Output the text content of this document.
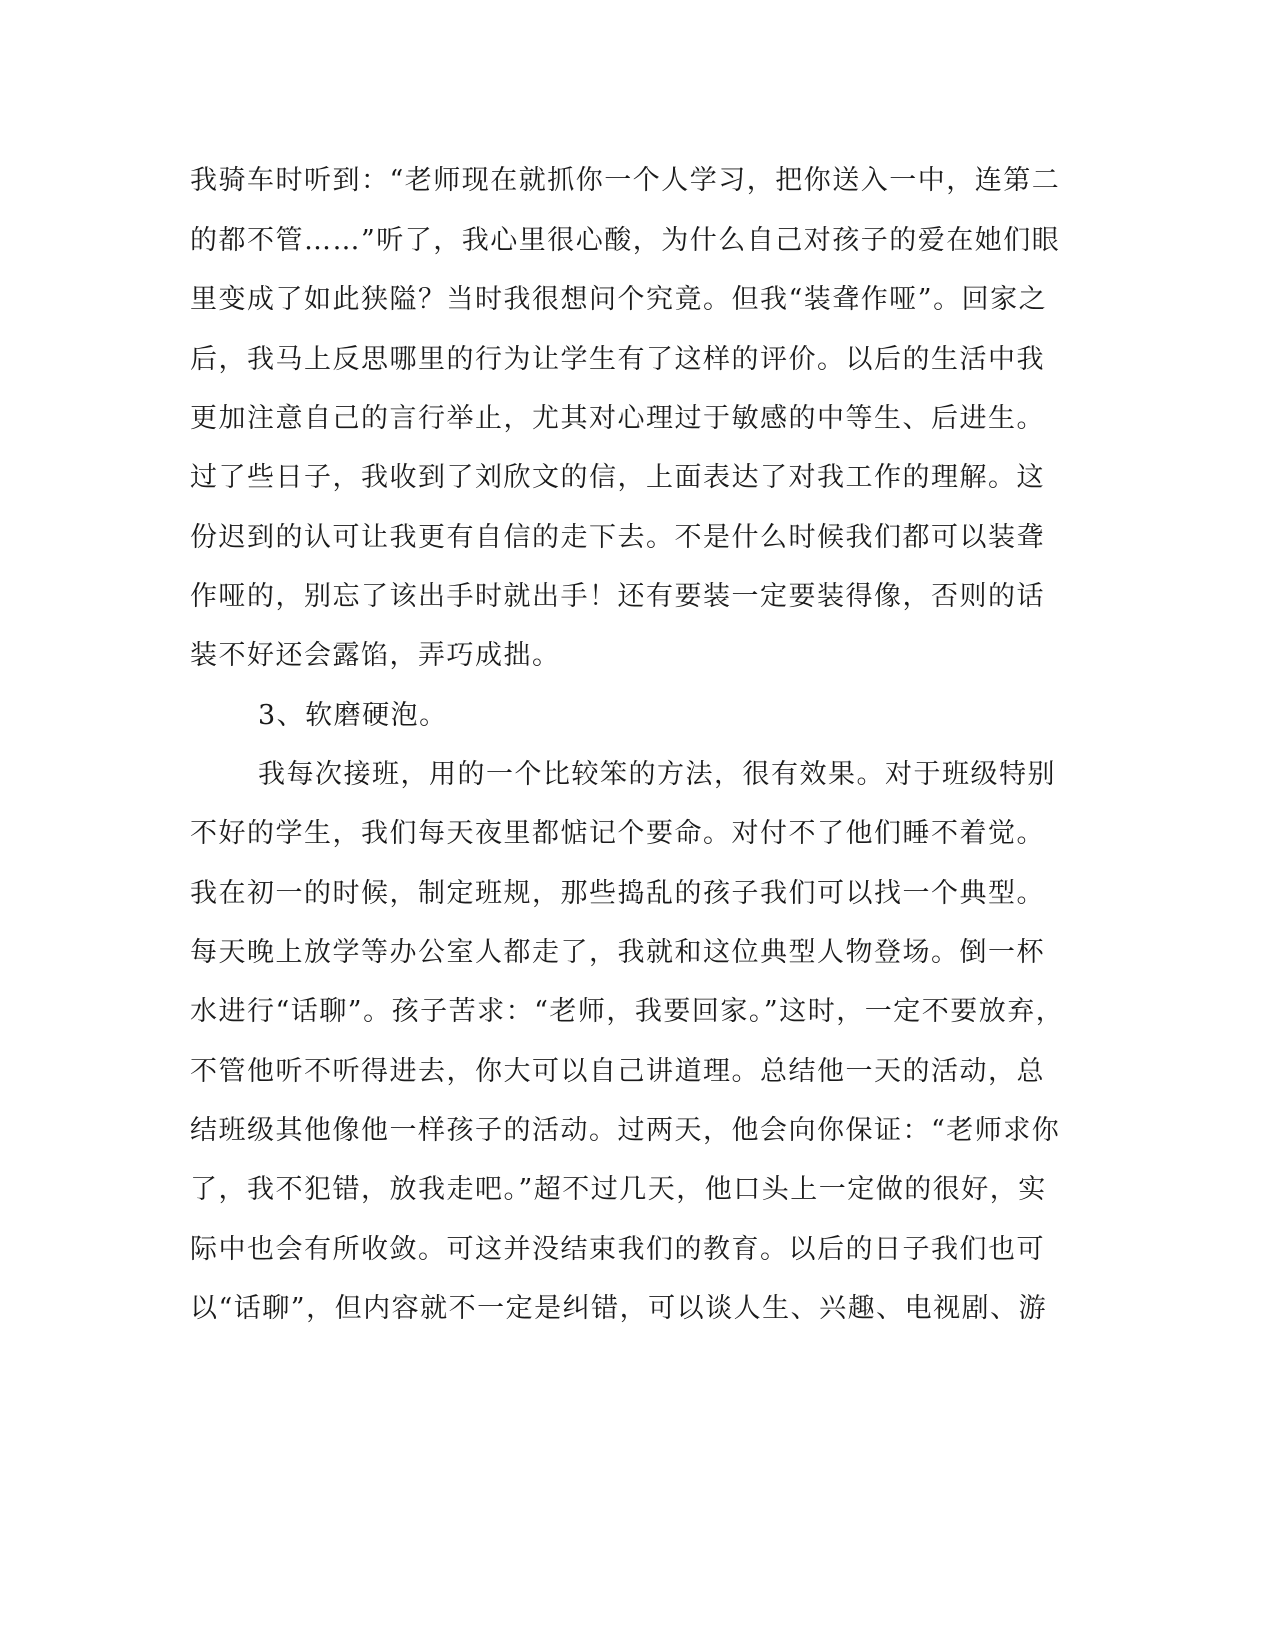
我骑车时听到：“老师现在就抓你一个人学习，把你送入一中，连第二
的都不管……”听了，我心里很心酸，为什么自己对孩子的爱在她们眼
里变成了如此狭隘？当时我很想问个究竟。但我“装聋作哑”。回家之
后，我马上反思哪里的行为让学生有了这样的评价。以后的生活中我
更加注意自己的言行举止，尤其对心理过于敏感的中等生、后进生。
过了些日子，我收到了刘欣文的信，上面表达了对我工作的理解。这
份迟到的认可让我更有自信的走下去。不是什么时候我们都可以装聋
作哑的，别忘了该出手时就出手！还有要装一定要装得像，否则的话
装不好还会露馅，弄巧成拙。
3、软磨硬泡。
我每次接班，用的一个比较笨的方法，很有效果。对于班级特别
不好的学生，我们每天夜里都惦记个要命。对付不了他们睡不着觉。
我在初一的时候，制定班规，那些捣乱的孩子我们可以找一个典型。
每天晚上放学等办公室人都走了，我就和这位典型人物登场。倒一杯
水进行“话聊”。孩子苦求：“老师，我要回家。”这时，一定不要放弃，
不管他听不听得进去，你大可以自己讲道理。总结他一天的活动，总
结班级其他像他一样孩子的活动。过两天，他会向你保证：“老师求你
了，我不犯错，放我走吧。”超不过几天，他口头上一定做的很好，实
际中也会有所收敛。可这并没结束我们的教育。以后的日子我们也可
以“话聊”，但内容就不一定是纠错，可以谈人生、兴趣、电视剧、游
